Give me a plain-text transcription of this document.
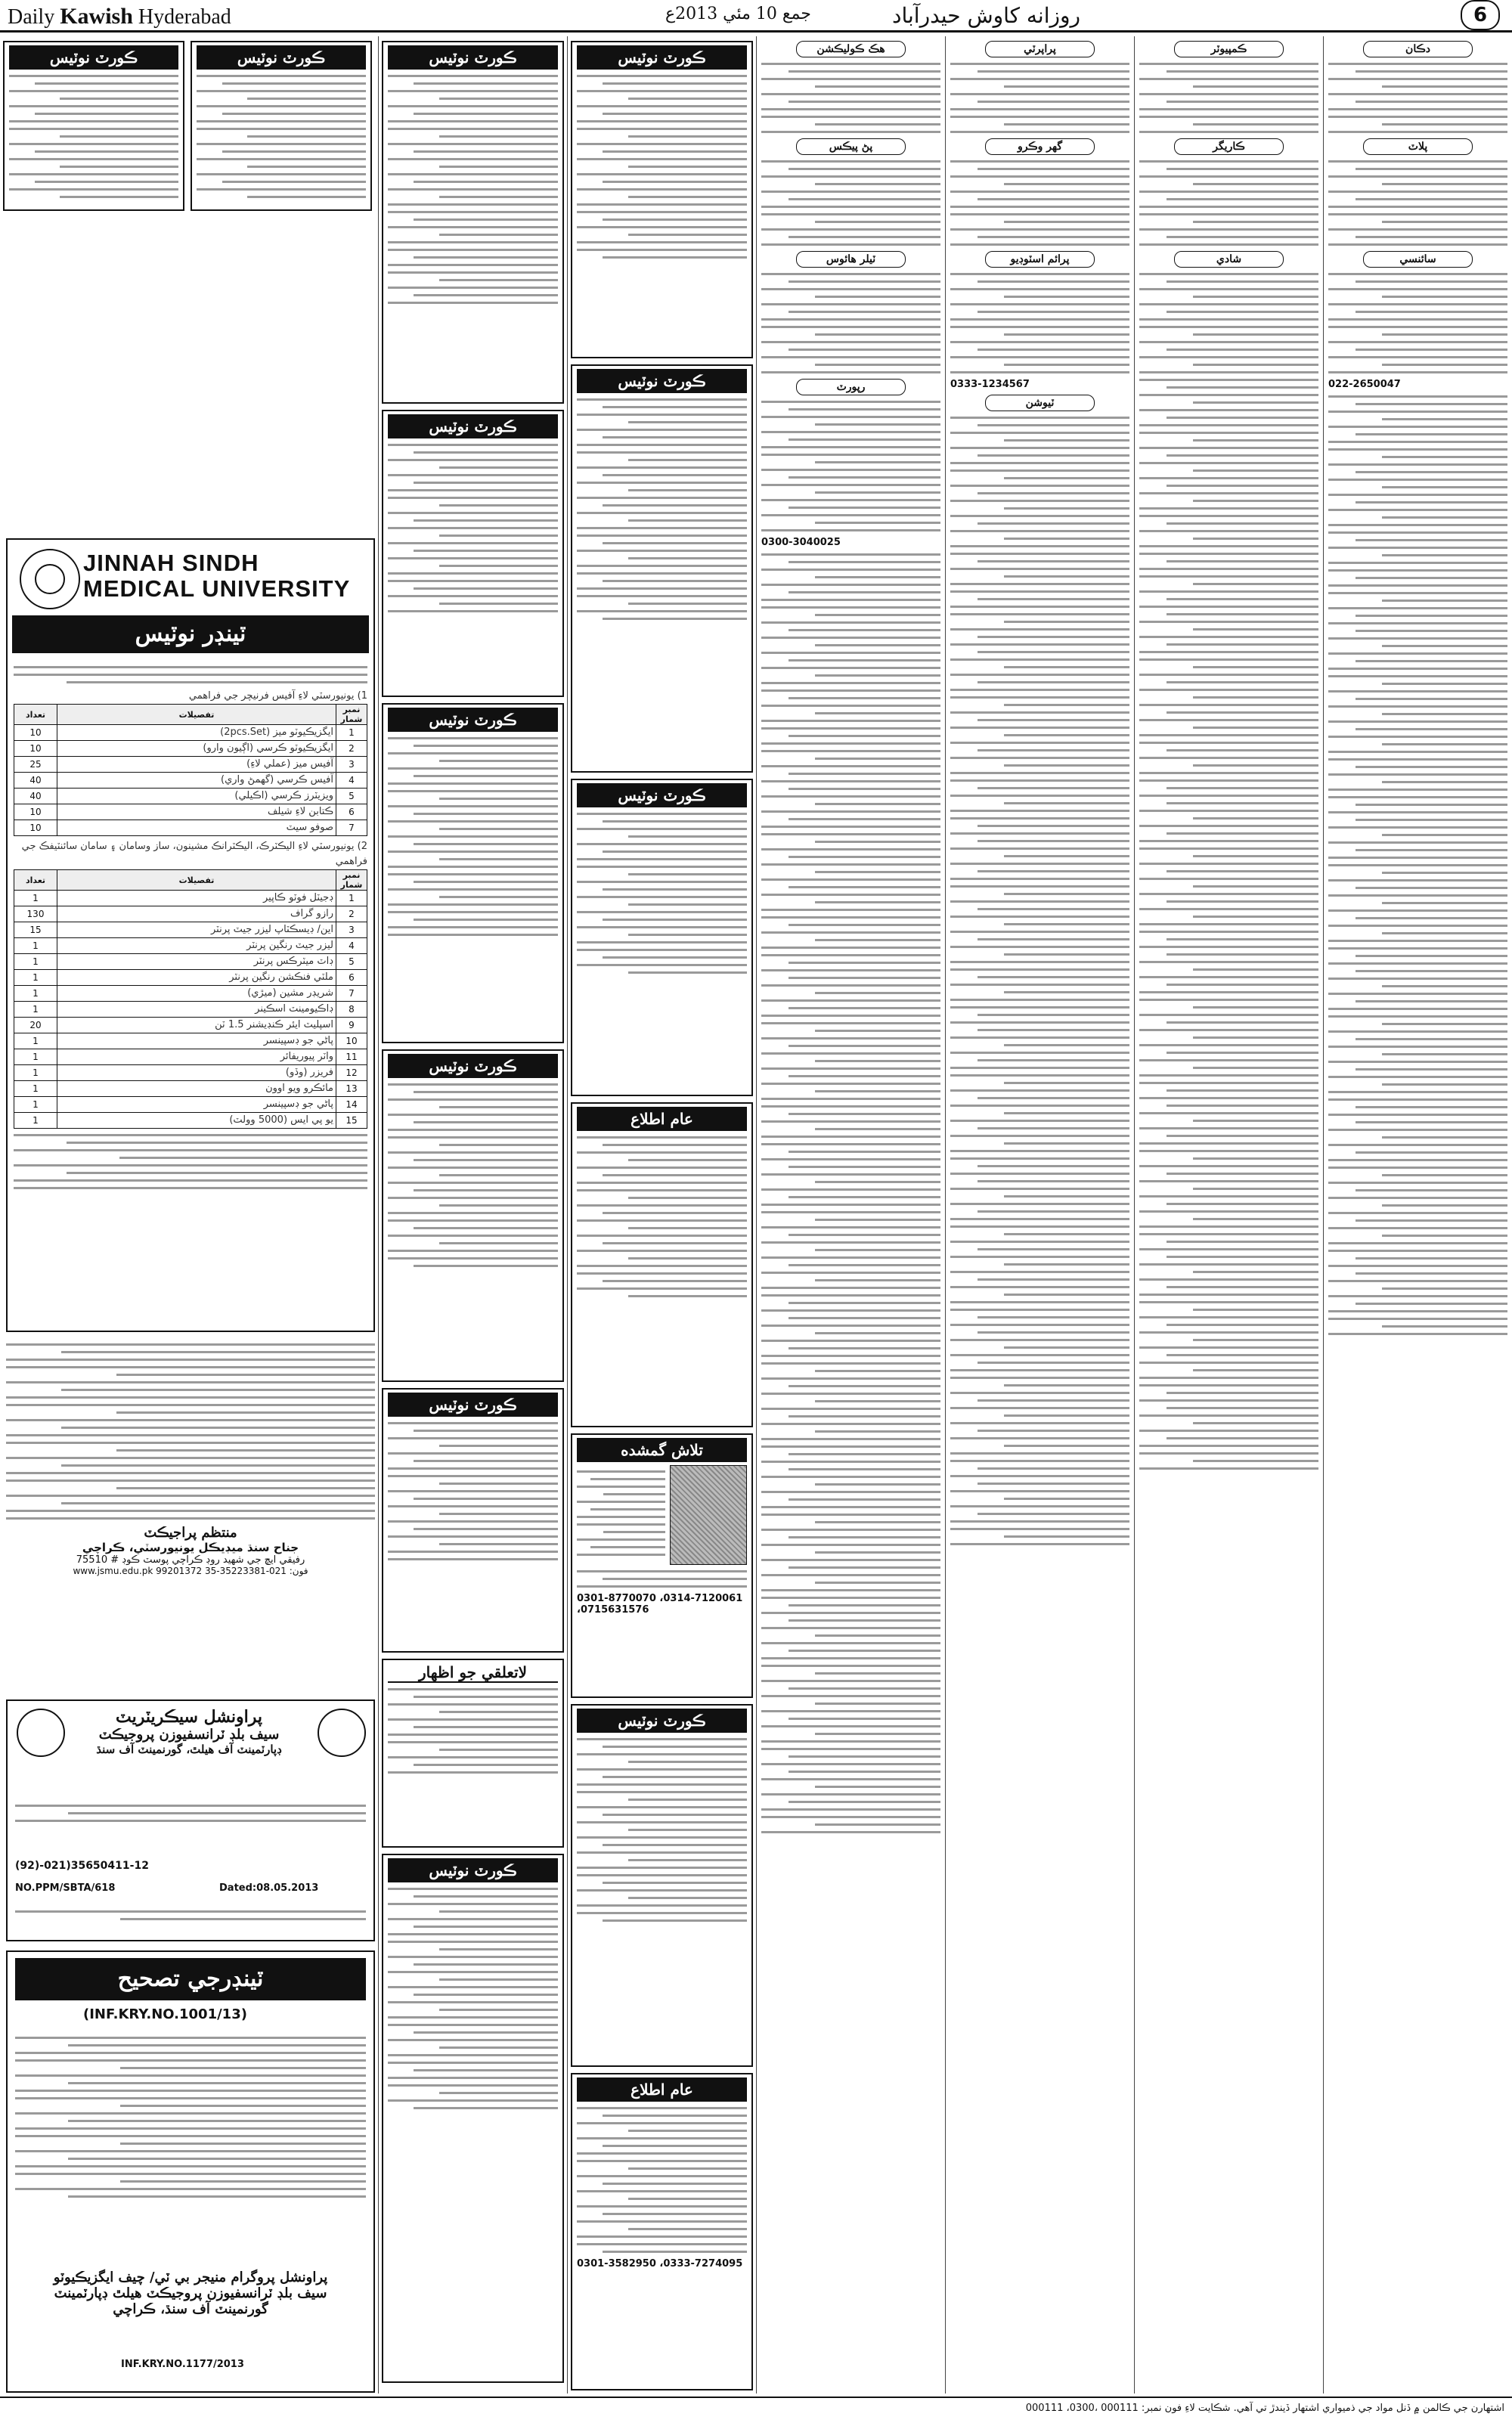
Daily Kawish Hyderabad	جمع 10 مئي 2013ع	روزانه كاوش حيدرآباد	6
ڪورٽ نوٽيس	ڪورٽ نوٽيس
JINNAH SINDH
MEDICAL UNIVERSITY
ٽينڊر نوٽيس
1) يونيورسٽي لاءِ آفيس فرنيچر جي فراهمي
تعداد	تفصيلات	نمبر شمار
10	ايگزيڪيوٽو ميز (2pcs.Set)	1
10	ايگزيڪيوٽو ڪرسي (اڳيون وارو)	2
25	آفيس ميز (عملي لاءِ)	3
40	آفيس ڪرسي (گھمڻ واري)	4
40	ويزيٽرز ڪرسي (اڪيلي)	5
10	ڪتابن لاءِ شيلف	6
10	صوفو سيٽ	7
2) يونيورسٽي لاءِ اليڪٽرڪ، اليڪٽرانڪ مشينون، ساز وسامان ۽ سامان سائنٽيفڪ جي فراهمي
تعداد	تفصيلات	نمبر شمار
1	ڊجيٽل فوٽو ڪاپير	1
130	رازو گراف	2
15	اين/ ڊيسڪٽاپ ليزر جيٽ پرنٽر	3
1	ليزر جيٽ رنگين پرنٽر	4
1	ڊاٽ ميٽرڪس پرنٽر	5
1	ملٽي فنڪشن رنگين پرنٽر	6
1	شريڊر مشين (ميڙي)	7
1	ڊاڪيومينٽ اسڪينر	8
20	اسپليٽ ايئر ڪنڊيشنر 1.5 ٽن	9
1	پاڻي جو ڊسپينسر	10
1	واٽر پيوريفائر	11
1	فريزر (وڏو)	12
1	مائڪرو ويو اوون	13
1	پاڻي جو ڊسپينسر	14
1	يو پي ايس (5000 وولٽ)	15
منتظم پراجيڪٽ
جناح سنڌ ميڊيڪل يونيورسٽي، ڪراچي
رفيقي ايڇ جي شهيد روڊ ڪراچي پوسٽ ڪوڊ # 75510
www.jsmu.edu.pk 99201372 فون: 021-35223381-35
پراونشل سيڪريٽريٽ
سيف بلڊ ٽرانسفيوزن پروجيڪٽ
ڊپارٽمينٽ آف هيلٿ، گورنمينٽ آف سنڌ
(92)-021)35650411-12
NO.PPM/SBTA/618	Dated:08.05.2013
ٽينڊرجي تصحيح
(INF.KRY.NO.1001/13)
پراونشل پروگرام منيجر بي ٽي/ چيف ايگزيڪيوٽو
سيف بلڊ ٽرانسفيوزن پروجيڪٽ هيلٿ ڊپارٽمينٽ
گورنمينٽ آف سنڌ، ڪراچي
INF.KRY.NO.1177/2013
ڪورٽ نوٽيس
ڪورٽ نوٽيس
ڪورٽ نوٽيس
ڪورٽ نوٽيس
ڪورٽ نوٽيس
لاتعلقي جو اظهار
ڪورٽ نوٽيس
ڪورٽ نوٽيس
ڪورٽ نوٽيس
ڪورٽ نوٽيس
عام اطلاع
تلاش گمشده
0301-8770070 ،0314-7120061 ،0715631576
ڪورٽ نوٽيس
عام اطلاع
0301-3582950 ،0333-7274095
هڪ ڪوليڪشن
پڻ پيڪس
ٽيلر هائوس
رپورٽ
0300-3040025
پراپرٽي
گهر وڪرو
پرائم اسٽوڊيو
0333-1234567
ٽيوشن
ڪمپيوٽر
ڪاريگر
شادي
دڪان
پلاٽ
سائنسي
022-2650047
اشتهارن جي ڪالمن ۾ ڏنل مواد جي ذميواري اشتهار ڏيندڙ تي آهي. شڪايت لاءِ فون نمبر: 000111 ،0300، 000111
